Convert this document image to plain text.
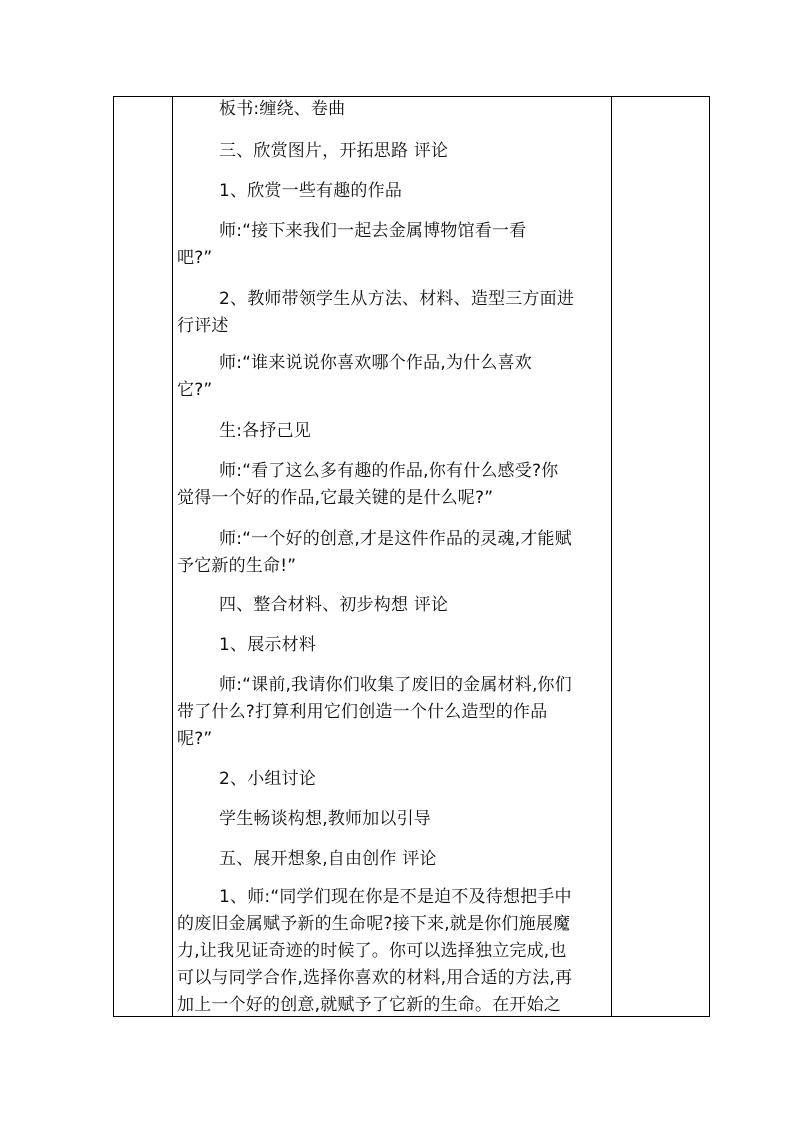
板书:缠绕、卷曲
三、欣赏图片，开拓思路 评论
1、欣赏一些有趣的作品
师:“接下来我们一起去金属博物馆看一看
吧?”
2、教师带领学生从方法、材料、造型三方面进
行评述
师:“谁来说说你喜欢哪个作品,为什么喜欢
它?”
生:各抒己见
师:“看了这么多有趣的作品,你有什么感受?你
觉得一个好的作品,它最关键的是什么呢?”
师:“一个好的创意,才是这件作品的灵魂,才能赋
予它新的生命!”
四、整合材料、初步构想 评论
1、展示材料
师:“课前,我请你们收集了废旧的金属材料,你们
带了什么?打算利用它们创造一个什么造型的作品
呢?”
2、小组讨论
学生畅谈构想,教师加以引导
五、展开想象,自由创作 评论
1、师:“同学们现在你是不是迫不及待想把手中
的废旧金属赋予新的生命呢?接下来,就是你们施展魔
力,让我见证奇迹的时候了。你可以选择独立完成,也
可以与同学合作,选择你喜欢的材料,用合适的方法,再
加上一个好的创意,就赋予了它新的生命。在开始之
